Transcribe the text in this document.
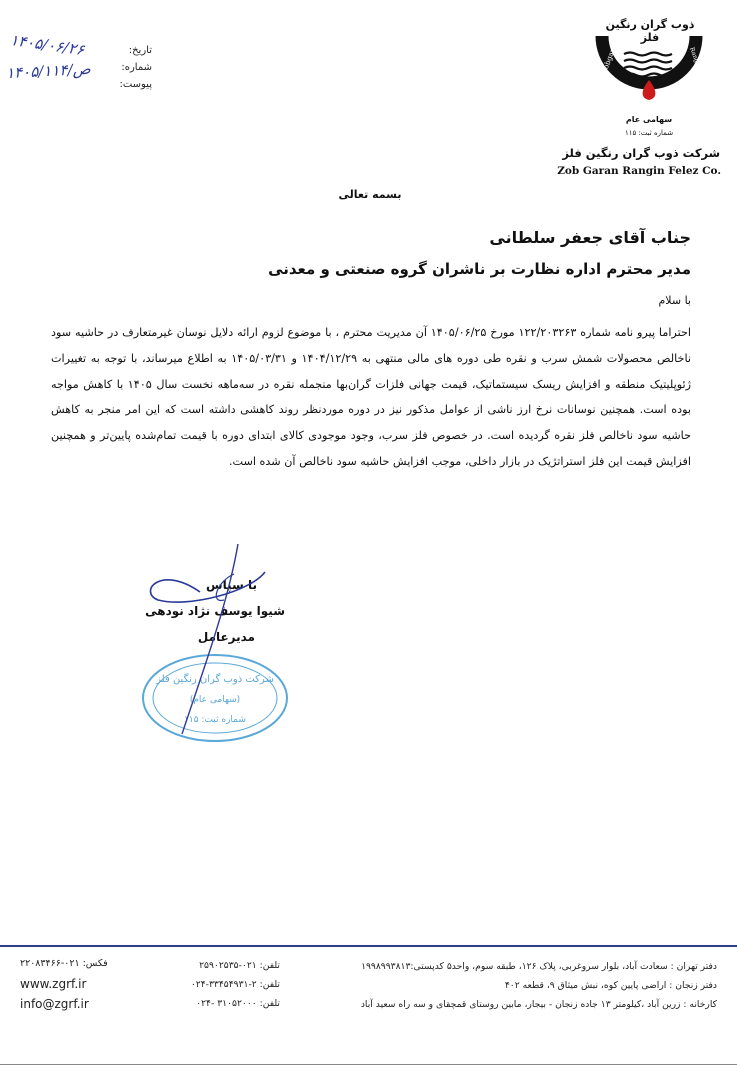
۱۴۰۵/۰۶/۲۶
۱۴۰۵/ص/۱۱۴
تاریخ:
شماره:
پیوست:
ذوب گران رنگین فلز
Zobgarane	Rangin Felez Co.
سهامی عام
شماره ثبت: ۱۱۵
شرکت ذوب گران رنگین فلز
Zob Garan Rangin Felez Co.
بسمه تعالی
جناب آقای جعفر سلطانی
مدیر محترم اداره نظارت بر ناشران گروه صنعتی و معدنی
با سلام
احتراما پیرو نامه شماره ۱۲۲/۲۰۳۲۶۳ مورخ ۱۴۰۵/۰۶/۲۵ آن مدیریت محترم ، با موضوع لزوم ارائه دلایل نوسان غیرمتعارف در حاشیه سود ناخالص محصولات شمش سرب و نقره طی دوره های مالی منتهی به ۱۴۰۴/۱۲/۲۹ و ۱۴۰۵/۰۳/۳۱ به اطلاع میرساند، با توجه به تغییرات ژئوپلیتیک منطقه و افزایش ریسک سیستماتیک، قیمت جهانی فلزات گران‌بها منجمله نقره در سه‌ماهه نخست سال ۱۴۰۵ با کاهش مواجه بوده است. همچنین نوسانات نرخ ارز ناشی از عوامل مذکور نیز در دوره موردنظر روند کاهشی داشته است که این امر منجر به کاهش حاشیه سود ناخالص فلز نقره گردیده است. در خصوص فلز سرب، وجود موجودی کالای ابتدای دوره با قیمت تمام‌شده پایین‌تر و همچنین افزایش قیمت این فلز استراتژیک در بازار داخلی، موجب افزایش حاشیه سود ناخالص آن شده است.
با سپاس
شیوا یوسف نژاد نودهی
مدیرعامل
شرکت ذوب گران رنگین فلز
(سهامی عام)
شماره ثبت: ۱۱۵
فکس: ۰۲۱-۲۲۰۸۳۴۶۶
www.zgrf.ir
info@zgrf.ir
تلفن: ۰۲۱-۲۵۹۰۲۵۳۵
تلفن: ۲-۳۳۴۵۴۹۳۱-۰۲۴
تلفن: ۳۱۰۵۲۰۰۰ -۰۲۴
دفتر تهران : سعادت آباد، بلوار سروغربی، پلاک ۱۲۶، طبقه سوم، واحد۵ کدپستی:۱۹۹۸۹۹۳۸۱۳
دفتر زنجان : اراضی پایین کوه، نبش میثاق ۹، قطعه ۴۰۲
کارخانه : زرین آباد ،کیلومتر ۱۳ جاده زنجان - بیجار، مابین روستای قمچقای و سه راه سعید آباد
